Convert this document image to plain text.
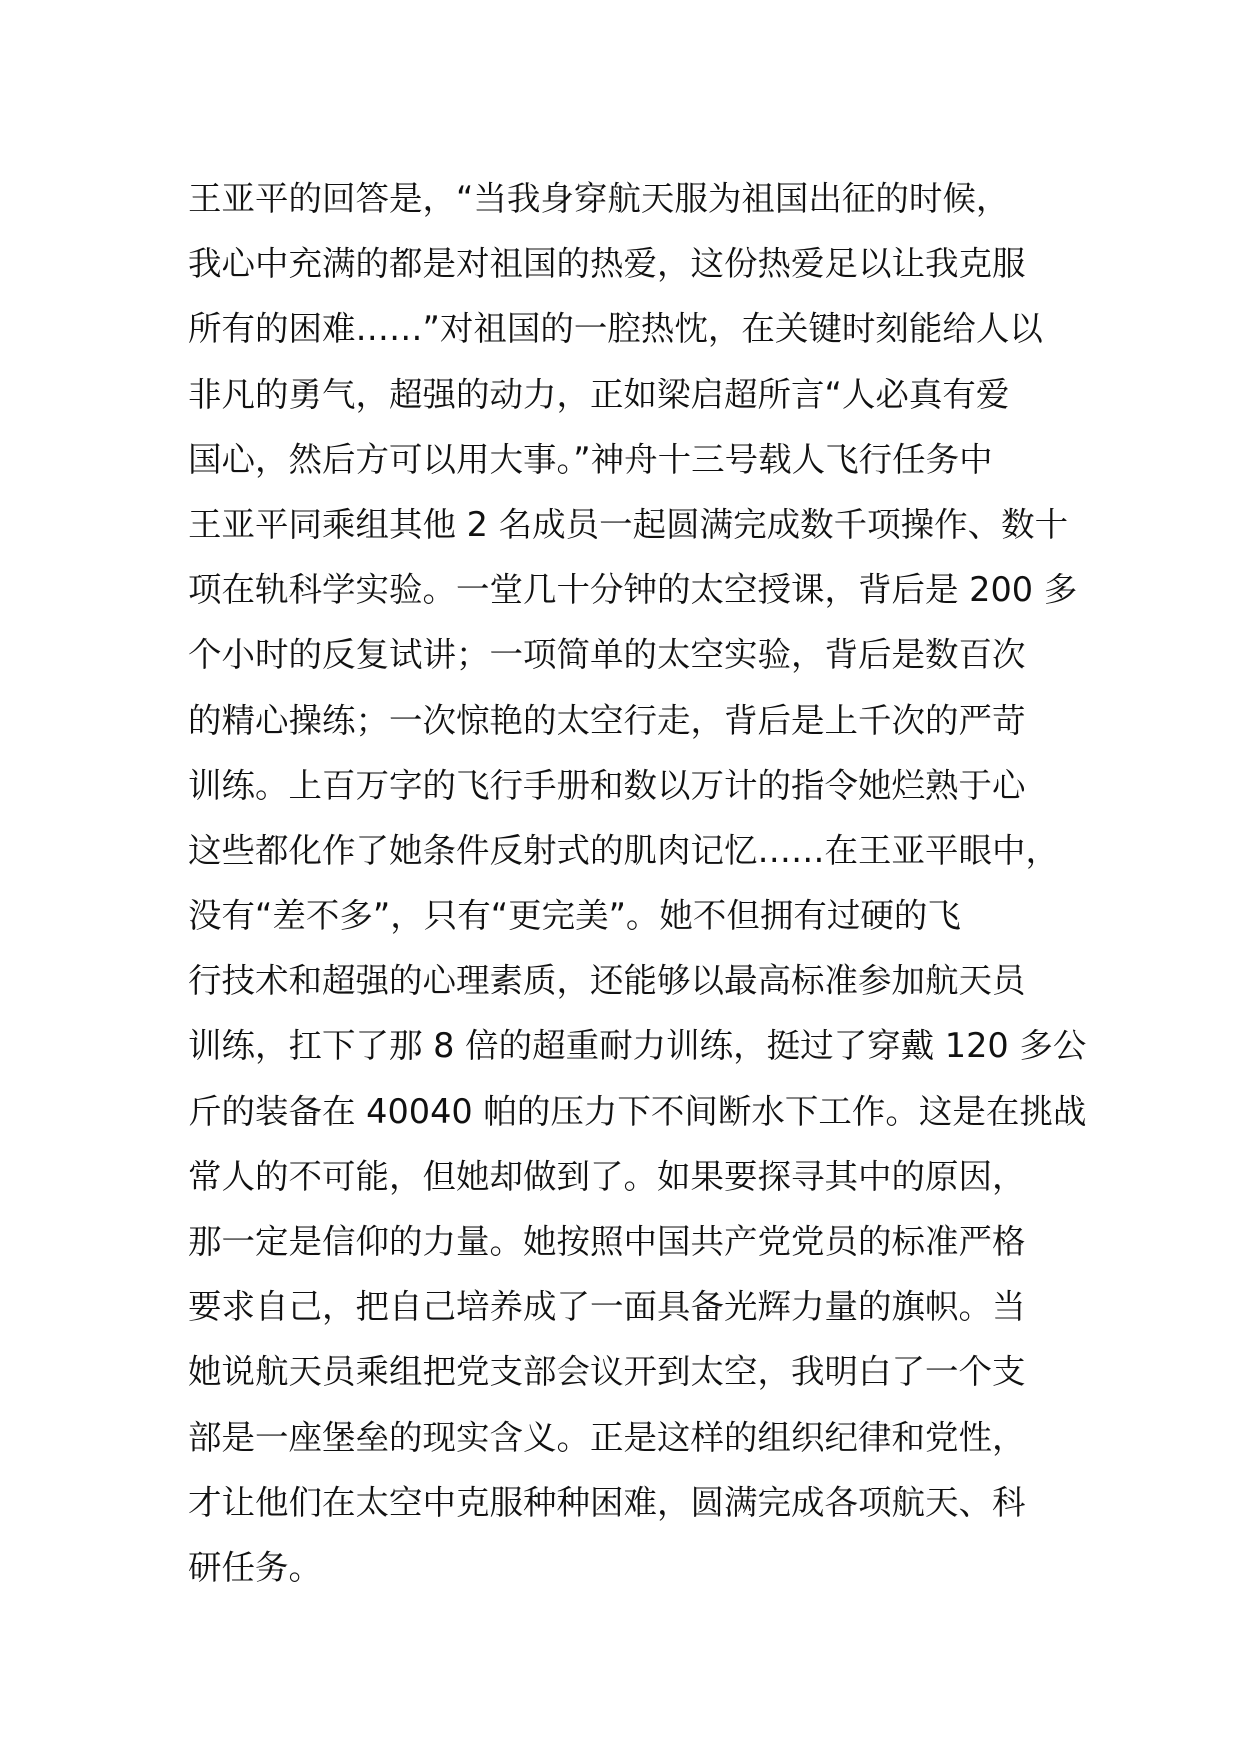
王亚平的回答是，“当我身穿航天服为祖国出征的时候，
我心中充满的都是对祖国的热爱，这份热爱足以让我克服
所有的困难……”对祖国的一腔热忱，在关键时刻能给人以
非凡的勇气，超强的动力，正如梁启超所言“人必真有爱
国心，然后方可以用大事。”神舟十三号载人飞行任务中
王亚平同乘组其他 2 名成员一起圆满完成数千项操作、数十
项在轨科学实验。一堂几十分钟的太空授课，背后是 200 多
个小时的反复试讲；一项简单的太空实验，背后是数百次
的精心操练；一次惊艳的太空行走，背后是上千次的严苛
训练。上百万字的飞行手册和数以万计的指令她烂熟于心
这些都化作了她条件反射式的肌肉记忆……在王亚平眼中，
没有“差不多”，只有“更完美”。她不但拥有过硬的飞
行技术和超强的心理素质，还能够以最高标准参加航天员
训练，扛下了那 8 倍的超重耐力训练，挺过了穿戴 120 多公
斤的装备在 40040 帕的压力下不间断水下工作。这是在挑战
常人的不可能，但她却做到了。如果要探寻其中的原因，
那一定是信仰的力量。她按照中国共产党党员的标准严格
要求自己，把自己培养成了一面具备光辉力量的旗帜。当
她说航天员乘组把党支部会议开到太空，我明白了一个支
部是一座堡垒的现实含义。正是这样的组织纪律和党性，
才让他们在太空中克服种种困难，圆满完成各项航天、科
研任务。
